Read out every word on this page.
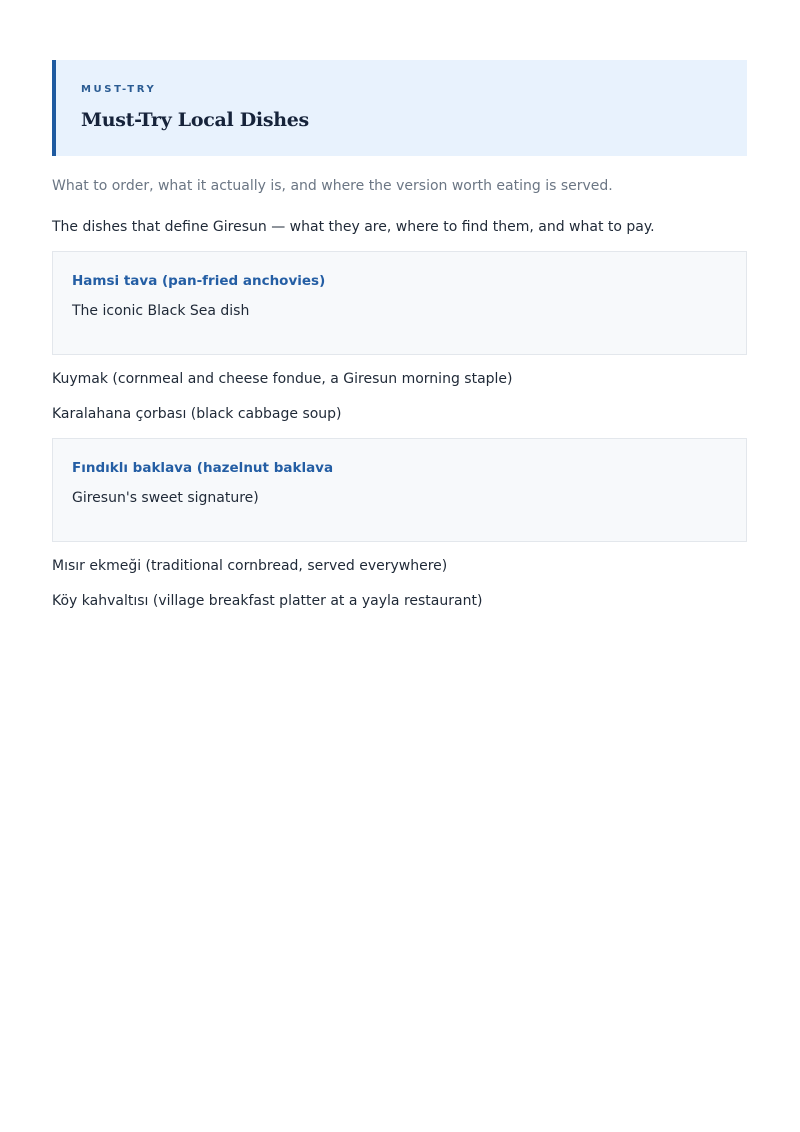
MUST-TRY
Must-Try Local Dishes

What to order, what it actually is, and where the version worth eating is served.

The dishes that define Giresun — what they are, where to find them, and what to pay.

Hamsi tava (pan-fried anchovies)
The iconic Black Sea dish
Kuymak (cornmeal and cheese fondue, a Giresun morning staple)
Karalahana çorbası (black cabbage soup)
Fındıklı baklava (hazelnut baklava
Giresun's sweet signature)
Mısır ekmeği (traditional cornbread, served everywhere)
Köy kahvaltısı (village breakfast platter at a yayla restaurant)
